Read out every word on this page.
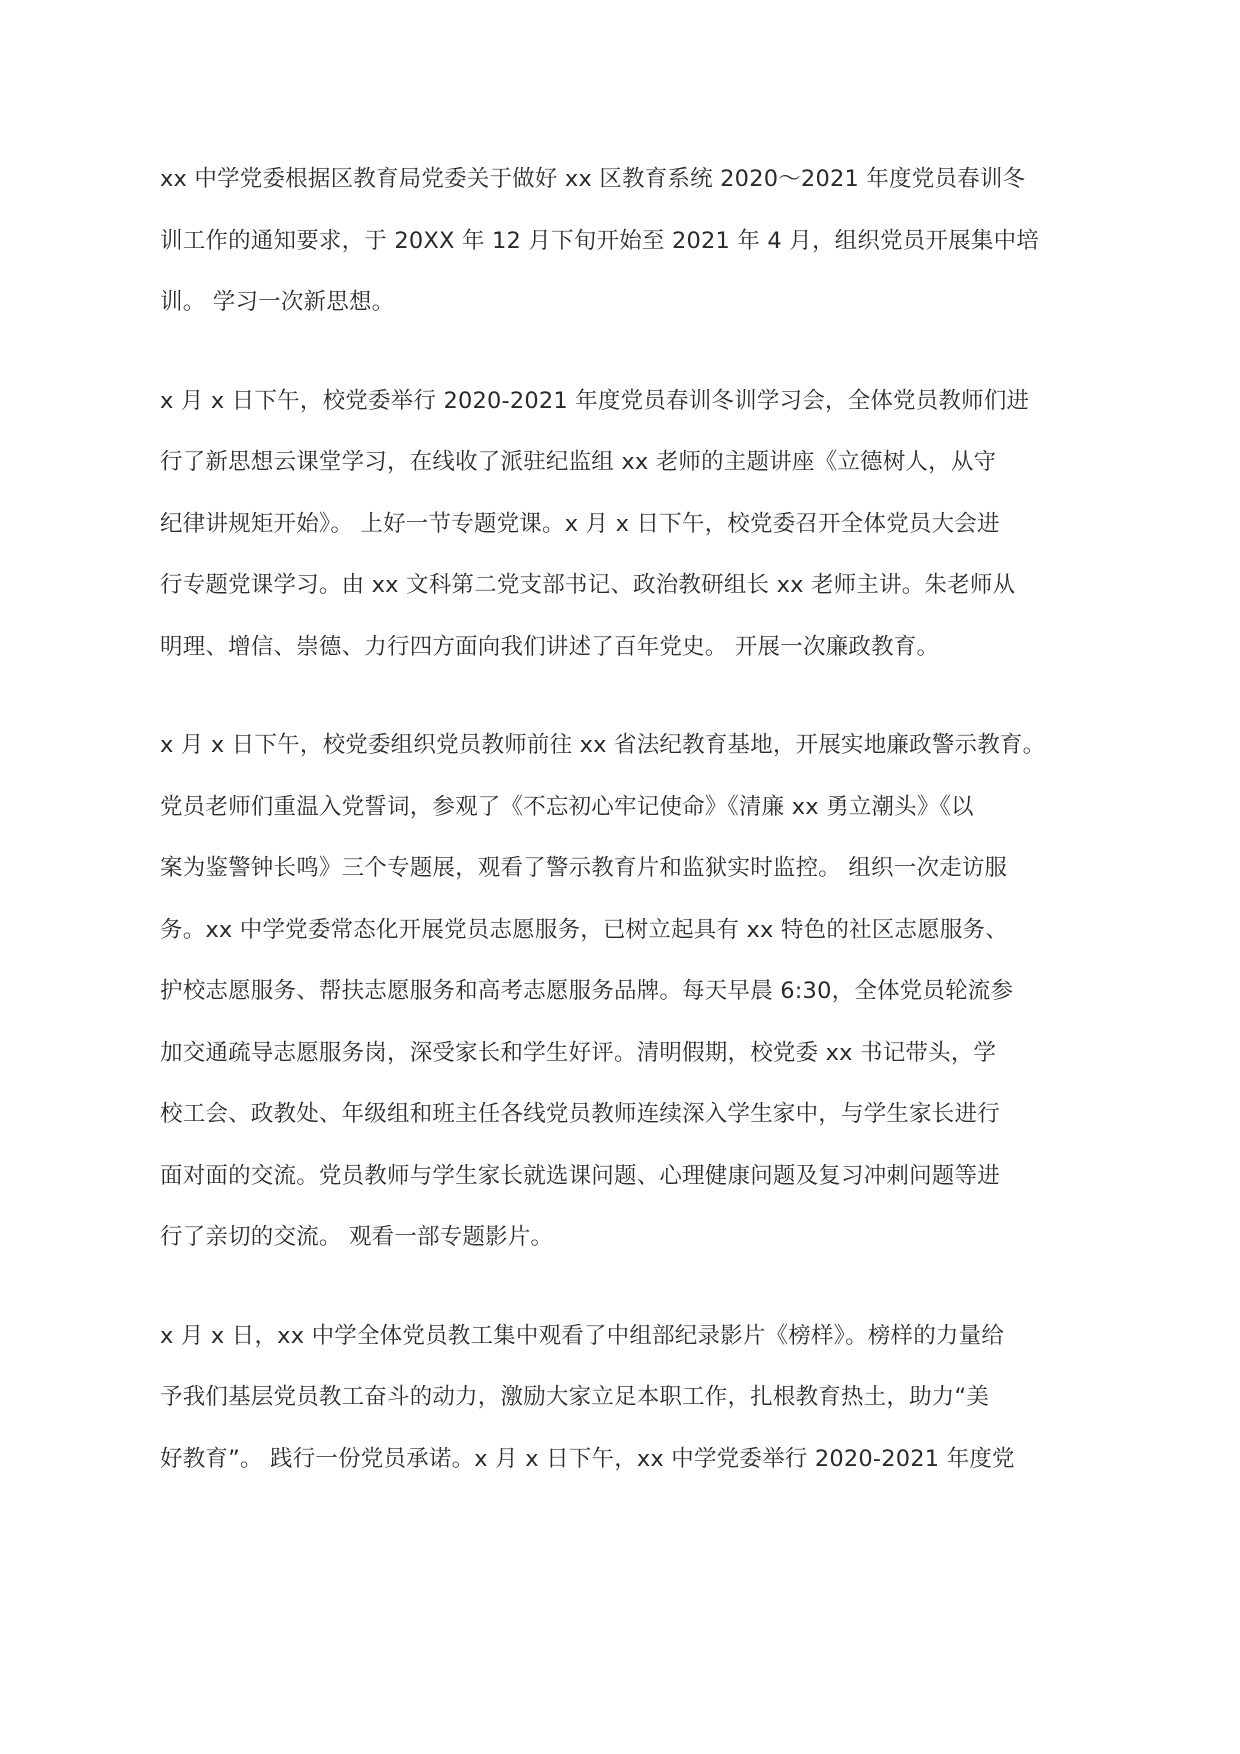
xx 中学党委根据区教育局党委关于做好 xx 区教育系统 2020～2021 年度党员春训冬
训工作的通知要求，于 20XX 年 12 月下旬开始至 2021 年 4 月，组织党员开展集中培
训。 学习一次新思想。
x 月 x 日下午，校党委举行 2020-2021 年度党员春训冬训学习会，全体党员教师们进
行了新思想云课堂学习，在线收了派驻纪监组 xx 老师的主题讲座《立德树人，从守
纪律讲规矩开始》。 上好一节专题党课。x 月 x 日下午，校党委召开全体党员大会进
行专题党课学习。由 xx 文科第二党支部书记、政治教研组长 xx 老师主讲。朱老师从
明理、增信、崇德、力行四方面向我们讲述了百年党史。 开展一次廉政教育。
x 月 x 日下午，校党委组织党员教师前往 xx 省法纪教育基地，开展实地廉政警示教育。
党员老师们重温入党誓词，参观了《不忘初心牢记使命》《清廉 xx 勇立潮头》《以
案为鉴警钟长鸣》三个专题展，观看了警示教育片和监狱实时监控。 组织一次走访服
务。xx 中学党委常态化开展党员志愿服务，已树立起具有 xx 特色的社区志愿服务、
护校志愿服务、帮扶志愿服务和高考志愿服务品牌。每天早晨 6:30，全体党员轮流参
加交通疏导志愿服务岗，深受家长和学生好评。清明假期，校党委 xx 书记带头，学
校工会、政教处、年级组和班主任各线党员教师连续深入学生家中，与学生家长进行
面对面的交流。党员教师与学生家长就选课问题、心理健康问题及复习冲刺问题等进
行了亲切的交流。 观看一部专题影片。
x 月 x 日，xx 中学全体党员教工集中观看了中组部纪录影片《榜样》。榜样的力量给
予我们基层党员教工奋斗的动力，激励大家立足本职工作，扎根教育热土，助力“美
好教育”。 践行一份党员承诺。x 月 x 日下午，xx 中学党委举行 2020-2021 年度党
